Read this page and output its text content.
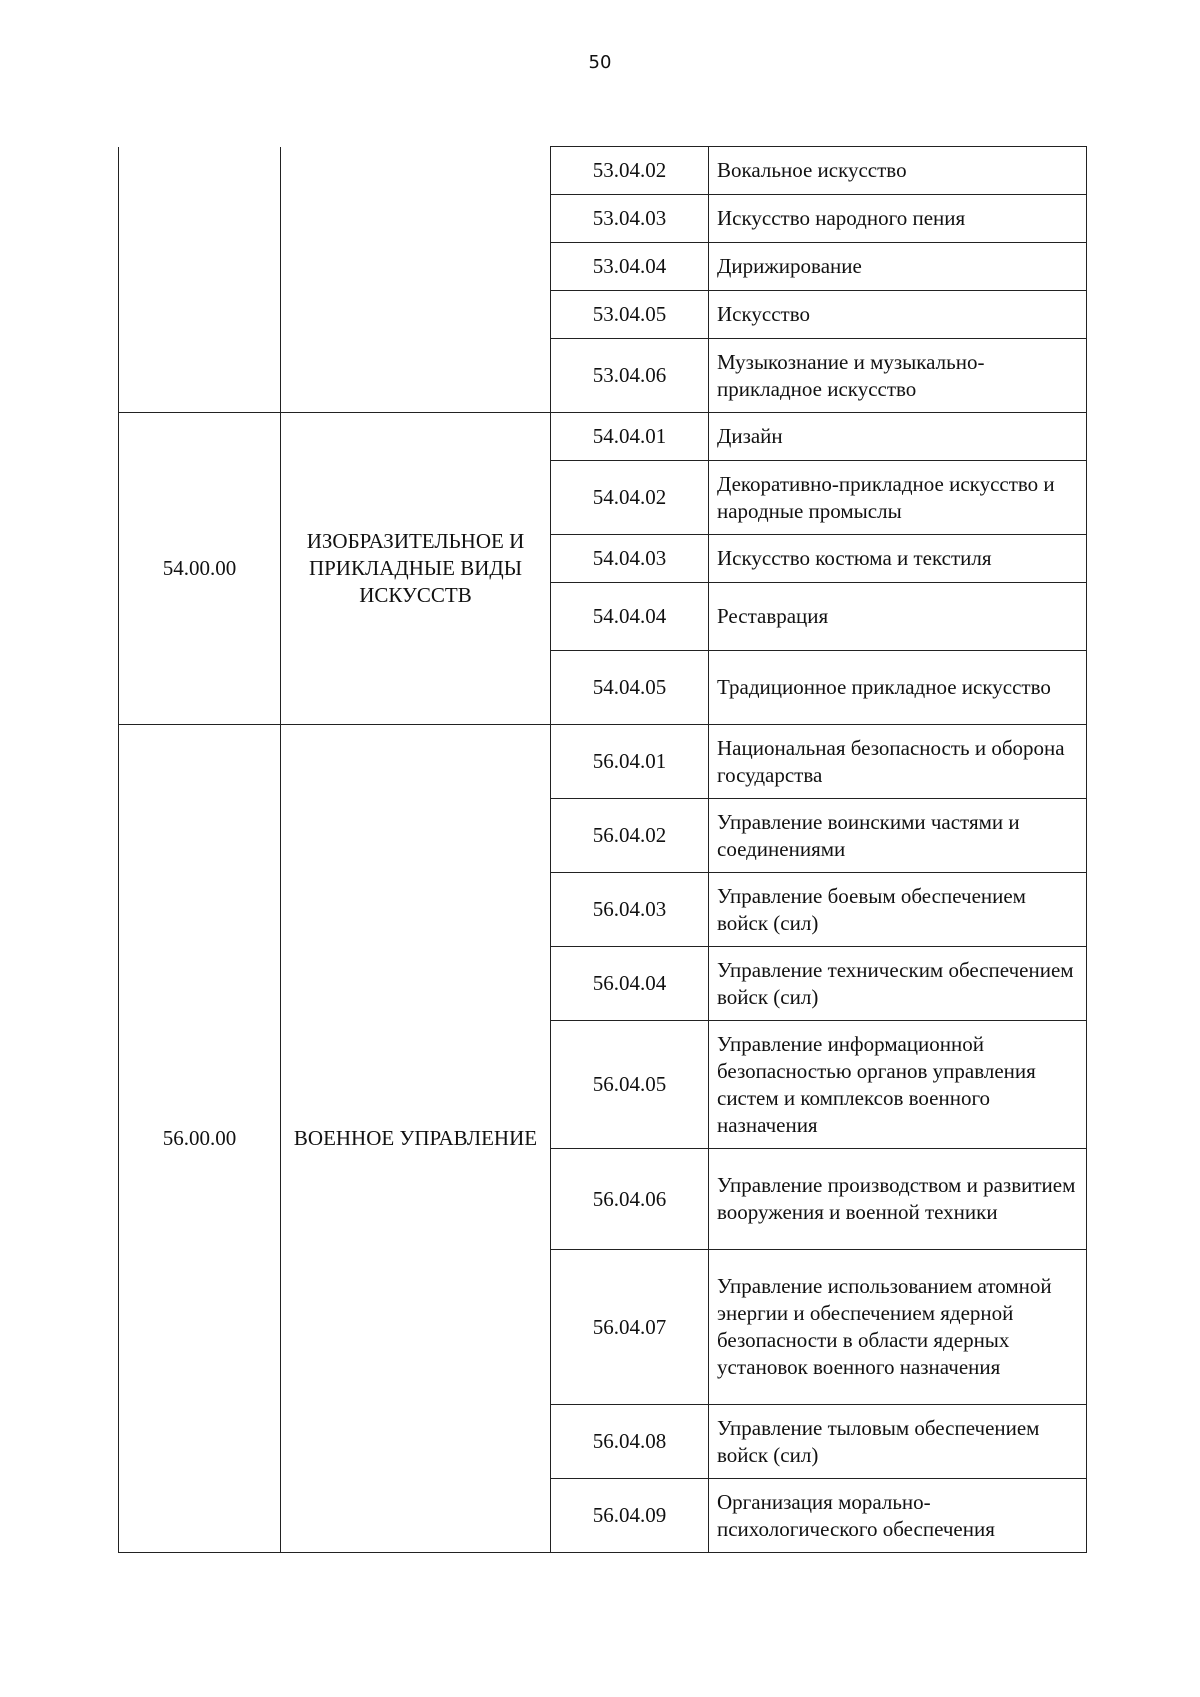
50
		53.04.02	Вокальное искусство
		53.04.03	Искусство народного пения
		53.04.04	Дирижирование
		53.04.05	Искусство
		53.04.06	Музыкознание и музыкально-прикладное искусство
54.00.00	ИЗОБРАЗИТЕЛЬНОЕ И ПРИКЛАДНЫЕ ВИДЫ ИСКУССТВ	54.04.01	Дизайн
		54.04.02	Декоративно-прикладное искусство и народные промыслы
		54.04.03	Искусство костюма и текстиля
		54.04.04	Реставрация
		54.04.05	Традиционное прикладное искусство
56.00.00	ВОЕННОЕ УПРАВЛЕНИЕ	56.04.01	Национальная безопасность и оборона государства
		56.04.02	Управление воинскими частями и соединениями
		56.04.03	Управление боевым обеспечением войск (сил)
		56.04.04	Управление техническим обеспечением войск (сил)
		56.04.05	Управление информационной безопасностью органов управления систем и комплексов военного назначения
		56.04.06	Управление производством и развитием вооружения и военной техники
		56.04.07	Управление использованием атомной энергии и обеспечением ядерной безопасности в области ядерных установок военного назначения
		56.04.08	Управление тыловым обеспечением войск (сил)
		56.04.09	Организация морально-психологического обеспечения
